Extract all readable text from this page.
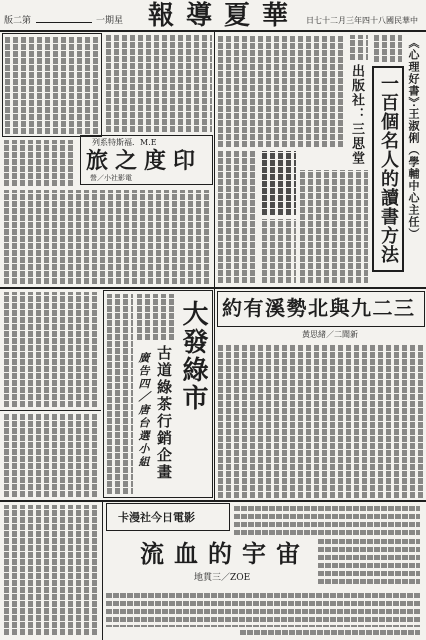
版二第	一期星 報導夏華 日七十二月三年四十八國民華中
《心理好書》‧王淑俐（學輔中心主任）
一百個名人的讀書方法
出版社：三思堂
列系特斯福．M.E
旅之度印
營／小社影電
約有溪勢北與九二三
黃思緒／二聞新
大發綠市
古道綠茶行銷企畫
廣告四／唐台選小組
卡漫社今日電影
流血的宇宙
地貫三／ZOE
